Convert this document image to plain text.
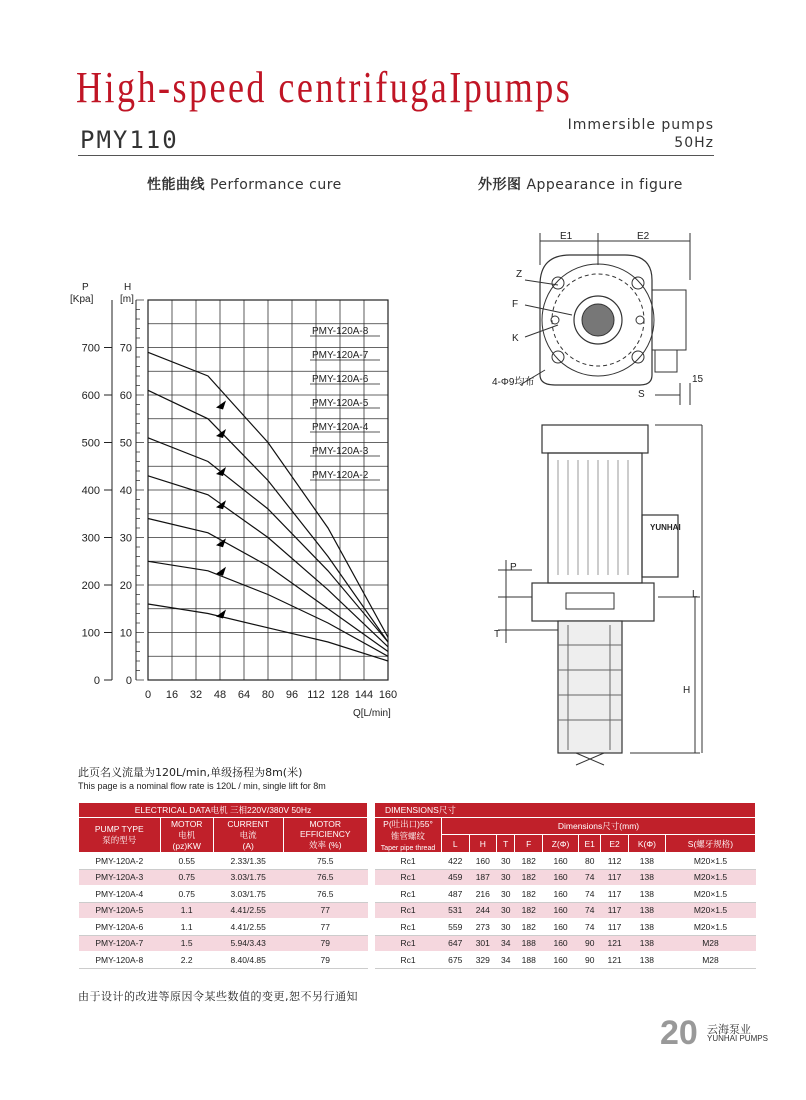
High-speed centrifugaIpumps
PMY110
Immersible pumps
50Hz
性能曲线 Performance cure	外形图 Appearance in figure
0
100
200
300
400
500
600
700
0
10
20
30
40
50
60
70
0 16 32 48 64 80 96 112 128 144 160
PMY-120A-8
PMY-120A-7
PMY-120A-6
PMY-120A-5
PMY-120A-4
PMY-120A-3
PMY-120A-2
P
[Kpa]
H
[m]
Q[L/min]
E1	E2
Z
F
K
4-Φ9均布
S
15
P
T
H
L
YUNHAI
此页名义流量为120L/min,单级扬程为8m(米)
This page is a nominal flow rate is 120L / min, single lift for 8m
ELECTRICAL DATA电机 三相220V/380V 50Hz			
PUMP TYPE
泵的型号	MOTOR
电机
(pz)KW	CURRENT
电流
(A)	MOTOR
EFFICIENCY
效率 (%)
PMY-120A-2	0.55	2.33/1.35	75.5
PMY-120A-3	0.75	3.03/1.75	76.5
PMY-120A-4	0.75	3.03/1.75	76.5
PMY-120A-5	1.1	4.41/2.55	77
PMY-120A-6	1.1	4.41/2.55	77
PMY-120A-7	1.5	5.94/3.43	79
PMY-120A-8	2.2	8.40/4.85	79
DIMENSIONS尺寸									
P(吐出口)55°
锥管螺纹
Taper pipe thread	Dimensions尺寸(mm)								
	L	H	T	F	Z(Φ)	E1	E2	K(Φ)	S(螺牙规格)
Rc1	422	160	30	182	160	80	112	138	M20×1.5
Rc1	459	187	30	182	160	74	117	138	M20×1.5
Rc1	487	216	30	182	160	74	117	138	M20×1.5
Rc1	531	244	30	182	160	74	117	138	M20×1.5
Rc1	559	273	30	182	160	74	117	138	M20×1.5
Rc1	647	301	34	188	160	90	121	138	M28
Rc1	675	329	34	188	160	90	121	138	M28
由于设计的改进等原因令某些数值的变更,恕不另行通知
20 云海泵业
YUNHAI PUMPS
